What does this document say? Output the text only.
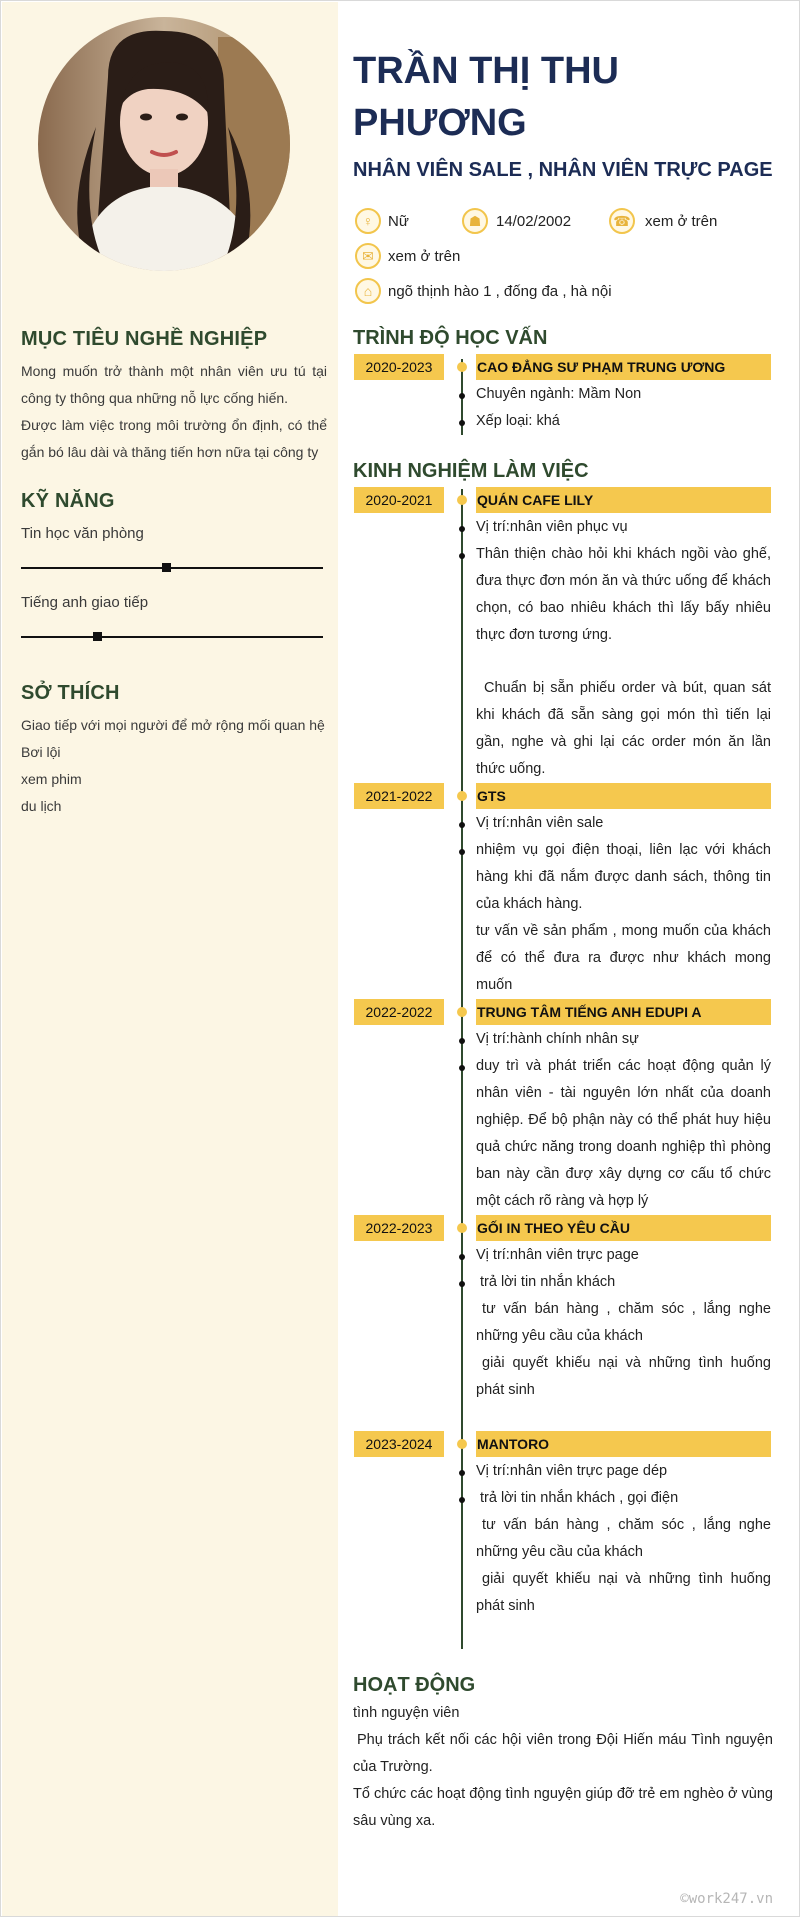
MỤC TIÊU NGHỀ NGHIỆP
Mong muốn trở thành một nhân viên ưu tú tại công ty thông qua những nỗ lực cống hiến.
Được làm việc trong môi trường ổn định, có thể gắn bó lâu dài và thăng tiến hơn nữa tại công ty
KỸ NĂNG
Tin học văn phòng
Tiếng anh giao tiếp
SỞ THÍCH
Giao tiếp với mọi người để mở rộng mối quan hệ
Bơi lội
xem phim
du lịch
TRẦN THỊ THU PHƯƠNG
NHÂN VIÊN SALE , NHÂN VIÊN TRỰC PAGE
♀ Nữ	☗ 14/02/2002	☎ xem ở trên
✉ xem ở trên
⌂	ngõ thịnh hào 1 , đống đa , hà nội
TRÌNH ĐỘ HỌC VẤN
2020-2023	CAO ĐẲNG SƯ PHẠM TRUNG ƯƠNG
Chuyên ngành: Mầm Non
Xếp loại: khá
KINH NGHIỆM LÀM VIỆC
2020-2021	QUÁN CAFE LILY
Vị trí:nhân viên phục vụ
Thân thiện chào hỏi khi khách ngồi vào ghế, đưa thực đơn món ăn và thức uống để khách chọn, có bao nhiêu khách thì lấy bấy nhiêu thực đơn tương ứng.
Chuẩn bị sẵn phiếu order và bút, quan sát khi khách đã sẵn sàng gọi món thì tiến lại gần, nghe và ghi lại các order món ăn lần thức uống.
2021-2022	GTS
Vị trí:nhân viên sale
nhiệm vụ gọi điện thoại, liên lạc với khách hàng khi đã nắm được danh sách, thông tin của khách hàng.
tư vấn về sản phẩm , mong muốn của khách để có thể đưa ra được như khách mong muốn
2022-2022	TRUNG TÂM TIẾNG ANH EDUPI A
Vị trí:hành chính nhân sự
duy trì và phát triển các hoạt động quản lý nhân viên - tài nguyên lớn nhất của doanh nghiệp. Để bộ phận này có thể phát huy hiệu quả chức năng trong doanh nghiệp thì phòng ban này cần đượ xây dựng cơ cấu tổ chức một cách rõ ràng và hợp lý
2022-2023	GỐI IN THEO YÊU CẦU
Vị trí:nhân viên trực page
trả lời tin nhắn khách
tư vấn bán hàng , chăm sóc , lắng nghe những yêu cầu của khách
giải quyết khiếu nại và những tình huống phát sinh
2023-2024	MANTORO
Vị trí:nhân viên trực page dép
trả lời tin nhắn khách , gọi điện
tư vấn bán hàng , chăm sóc , lắng nghe những yêu cầu của khách
giải quyết khiếu nại và những tình huống phát sinh
HOẠT ĐỘNG
tình nguyện viên
Phụ trách kết nối các hội viên trong Đội Hiến máu Tình nguyện của Trường.
Tổ chức các hoạt động tình nguyện giúp đỡ trẻ em nghèo ở vùng sâu vùng xa.
©work247.vn
